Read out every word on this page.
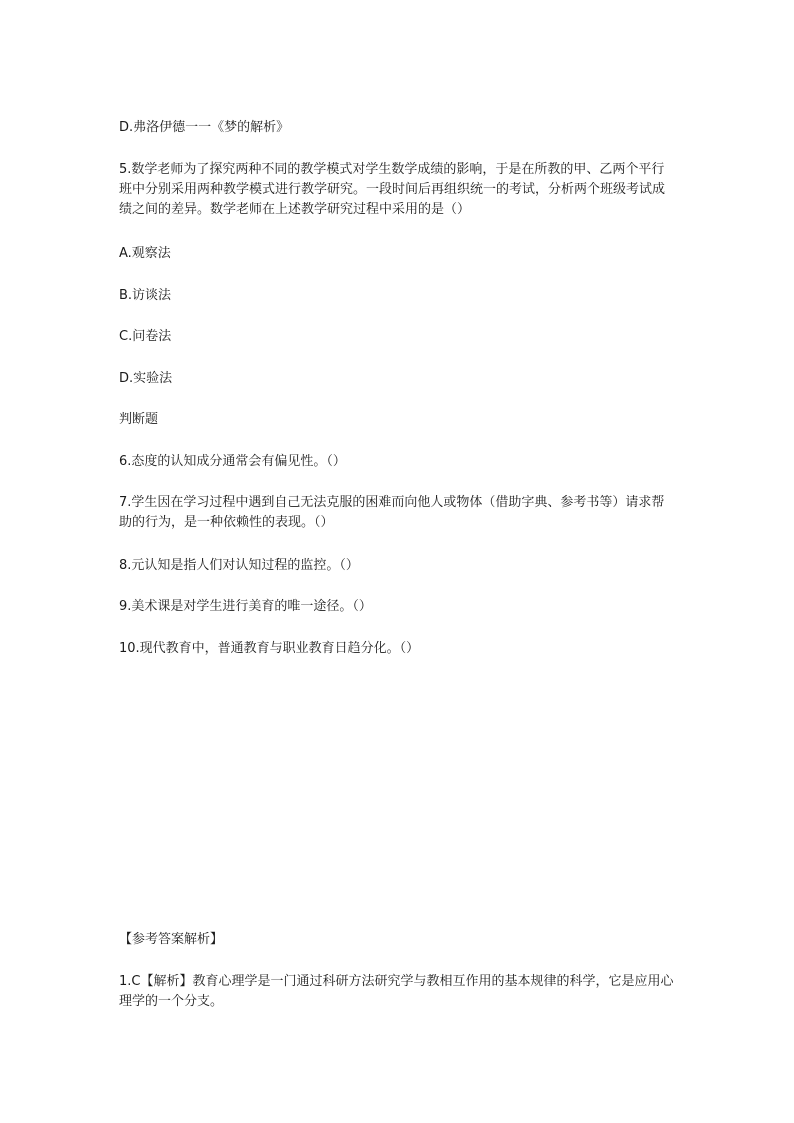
D.弗洛伊德一一《梦的解析》

5.数学老师为了探究两种不同的教学模式对学生数学成绩的影响，于是在所教的甲、乙两个平行班中分别采用两种教学模式进行教学研究。一段时间后再组织统一的考试，分析两个班级考试成绩之间的差异。数学老师在上述教学研究过程中采用的是（）

A.观察法

B.访谈法

C.问卷法

D.实验法

判断题

6.态度的认知成分通常会有偏见性。（）

7.学生因在学习过程中遇到自己无法克服的困难而向他人或物体（借助字典、参考书等）请求帮助的行为，是一种依赖性的表现。（）

8.元认知是指人们对认知过程的监控。（）

9.美术课是对学生进行美育的唯一途径。（）

10.现代教育中，普通教育与职业教育日趋分化。（）

【参考答案解析】

1.C【解析】教育心理学是一门通过科研方法研究学与教相互作用的基本规律的科学，它是应用心理学的一个分支。
